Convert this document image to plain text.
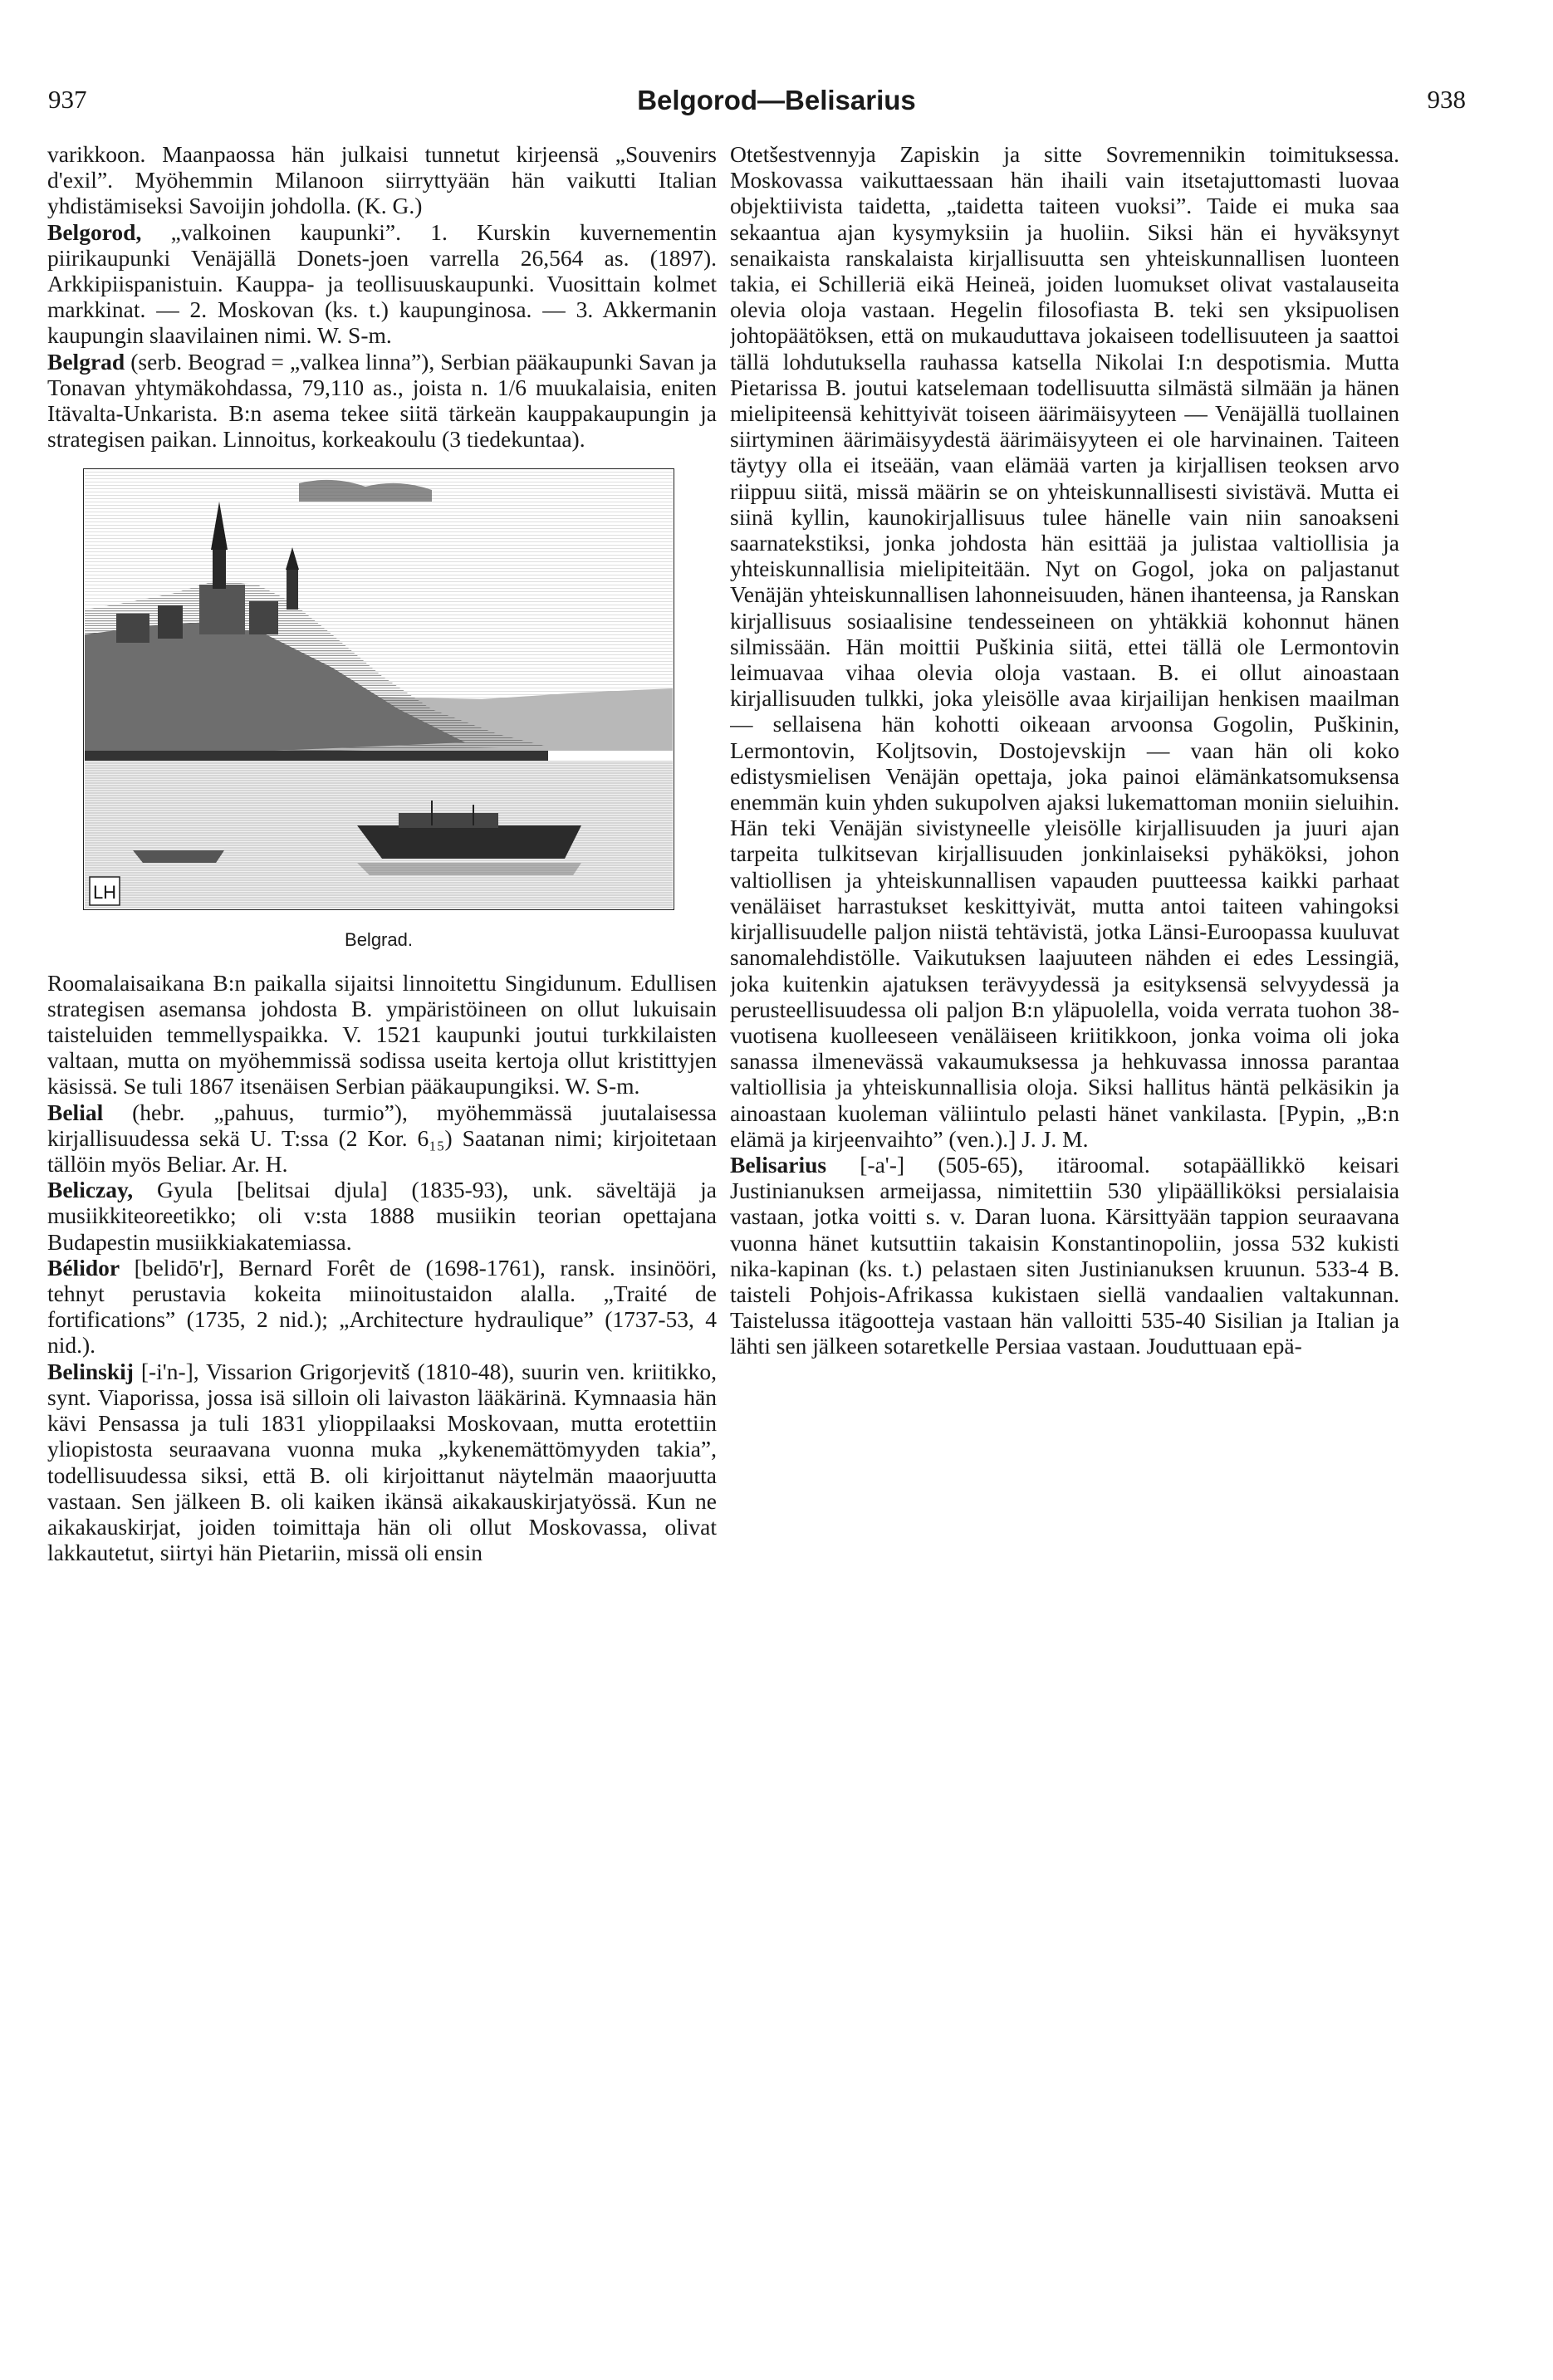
937	Belgorod—Belisarius	938

varikkoon. Maanpaossa hän julkaisi tunnetut kirjeensä „Souvenirs d'exil”. Myöhemmin Milanoon siirryttyään hän vaikutti Italian yhdistämiseksi Savoijin johdolla. (K. G.)

Belgorod, „valkoinen kaupunki”. 1. Kurskin kuvernementin piirikaupunki Venäjällä Donets-joen varrella 26,564 as. (1897). Arkkipiispanistuin. Kauppa- ja teollisuuskaupunki. Vuosittain kolmet markkinat. — 2. Moskovan (ks. t.) kaupunginosa. — 3. Akkermanin kaupungin slaavilainen nimi. W. S-m.

Belgrad (serb. Beograd = „valkea linna”), Serbian pääkaupunki Savan ja Tonavan yhtymäkohdassa, 79,110 as., joista n. 1/6 muukalaisia, eniten Itävalta-Unkarista. B:n asema tekee siitä tärkeän kauppakaupungin ja strategisen paikan. Linnoitus, korkeakoulu (3 tiedekuntaa).

LH
Belgrad.

Roomalaisaikana B:n paikalla sijaitsi linnoitettu Singidunum. Edullisen strategisen asemansa johdosta B. ympäristöineen on ollut lukuisain taisteluiden temmellyspaikka. V. 1521 kaupunki joutui turkkilaisten valtaan, mutta on myöhemmissä sodissa useita kertoja ollut kristittyjen käsissä. Se tuli 1867 itsenäisen Serbian pääkaupungiksi. W. S-m.

Belial (hebr. „pahuus, turmio”), myöhemmässä juutalaisessa kirjallisuudessa sekä U. T:ssa (2 Kor. 6₁₅) Saatanan nimi; kirjoitetaan tällöin myös Beliar. Ar. H.

Beliczay, Gyula [belitsai djula] (1835-93), unk. säveltäjä ja musiikkiteoreetikko; oli v:sta 1888 musiikin teorian opettajana Budapestin musiikkiakatemiassa.

Bélidor [belidō'r], Bernard Forêt de (1698-1761), ransk. insinööri, tehnyt perustavia kokeita miinoitustaidon alalla. „Traité de fortifications” (1735, 2 nid.); „Architecture hydraulique” (1737-53, 4 nid.).

Belinskij [-i'n-], Vissarion Grigorjevitš (1810-48), suurin ven. kriitikko, synt. Viaporissa, jossa isä silloin oli laivaston lääkärinä. Kymnaasia hän kävi Pensassa ja tuli 1831 ylioppilaaksi Moskovaan, mutta erotettiin yliopistosta seuraavana vuonna muka „kykenemättömyyden takia”, todellisuudessa siksi, että B. oli kirjoittanut näytelmän maaorjuutta vastaan. Sen jälkeen B. oli kaiken ikänsä aikakauskirjatyössä. Kun ne aikakauskirjat, joiden toimittaja hän oli ollut Moskovassa, olivat lakkautetut, siirtyi hän Pietariin, missä oli ensin

Otetšestvennyja Zapiskin ja sitte Sovremennikin toimituksessa. Moskovassa vaikuttaessaan hän ihaili vain itsetajuttomasti luovaa objektiivista taidetta, „taidetta taiteen vuoksi”. Taide ei muka saa sekaantua ajan kysymyksiin ja huoliin. Siksi hän ei hyväksynyt senaikaista ranskalaista kirjallisuutta sen yhteiskunnallisen luonteen takia, ei Schilleriä eikä Heineä, joiden luomukset olivat vastalauseita olevia oloja vastaan. Hegelin filosofiasta B. teki sen yksipuolisen johtopäätöksen, että on mukauduttava jokaiseen todellisuuteen ja saattoi tällä lohdutuksella rauhassa katsella Nikolai I:n despotismia. Mutta Pietarissa B. joutui katselemaan todellisuutta silmästä silmään ja hänen mielipiteensä kehittyivät toiseen äärimäisyyteen — Venäjällä tuollainen siirtyminen äärimäisyydestä äärimäisyyteen ei ole harvinainen. Taiteen täytyy olla ei itseään, vaan elämää varten ja kirjallisen teoksen arvo riippuu siitä, missä määrin se on yhteiskunnallisesti sivistävä. Mutta ei siinä kyllin, kaunokirjallisuus tulee hänelle vain niin sanoakseni saarnatekstiksi, jonka johdosta hän esittää ja julistaa valtiollisia ja yhteiskunnallisia mielipiteitään. Nyt on Gogol, joka on paljastanut Venäjän yhteiskunnallisen lahonneisuuden, hänen ihanteensa, ja Ranskan kirjallisuus sosiaalisine tendesseineen on yhtäkkiä kohonnut hänen silmissään. Hän moittii Puškinia siitä, ettei tällä ole Lermontovin leimuavaa vihaa olevia oloja vastaan. B. ei ollut ainoastaan kirjallisuuden tulkki, joka yleisölle avaa kirjailijan henkisen maailman — sellaisena hän kohotti oikeaan arvoonsa Gogolin, Puškinin, Lermontovin, Koljtsovin, Dostojevskijn — vaan hän oli koko edistysmielisen Venäjän opettaja, joka painoi elämänkatsomuksensa enemmän kuin yhden sukupolven ajaksi lukemattoman moniin sieluihin. Hän teki Venäjän sivistyneelle yleisölle kirjallisuuden ja juuri ajan tarpeita tulkitsevan kirjallisuuden jonkinlaiseksi pyhäköksi, johon valtiollisen ja yhteiskunnallisen vapauden puutteessa kaikki parhaat venäläiset harrastukset keskittyivät, mutta antoi taiteen vahingoksi kirjallisuudelle paljon niistä tehtävistä, jotka Länsi-Euroopassa kuuluvat sanomalehdistölle. Vaikutuksen laajuuteen nähden ei edes Lessingiä, joka kuitenkin ajatuksen terävyydessä ja esityksensä selvyydessä ja perusteellisuudessa oli paljon B:n yläpuolella, voida verrata tuohon 38-vuotisena kuolleeseen venäläiseen kriitikkoon, jonka voima oli joka sanassa ilmenevässä vakaumuksessa ja hehkuvassa innossa parantaa valtiollisia ja yhteiskunnallisia oloja. Siksi hallitus häntä pelkäsikin ja ainoastaan kuoleman väliintulo pelasti hänet vankilasta. [Pypin, „B:n elämä ja kirjeenvaihto” (ven.).] J. J. M.

Belisarius [-a'-] (505-65), itäroomal. sotapäällikkö keisari Justinianuksen armeijassa, nimitettiin 530 ylipäälliköksi persialaisia vastaan, jotka voitti s. v. Daran luona. Kärsittyään tappion seuraavana vuonna hänet kutsuttiin takaisin Konstantinopoliin, jossa 532 kukisti nika-kapinan (ks. t.) pelastaen siten Justinianuksen kruunun. 533-4 B. taisteli Pohjois-Afrikassa kukistaen siellä vandaalien valtakunnan. Taistelussa itägootteja vastaan hän valloitti 535-40 Sisilian ja Italian ja lähti sen jälkeen sotaretkelle Persiaa vastaan. Jouduttuaan epä-
